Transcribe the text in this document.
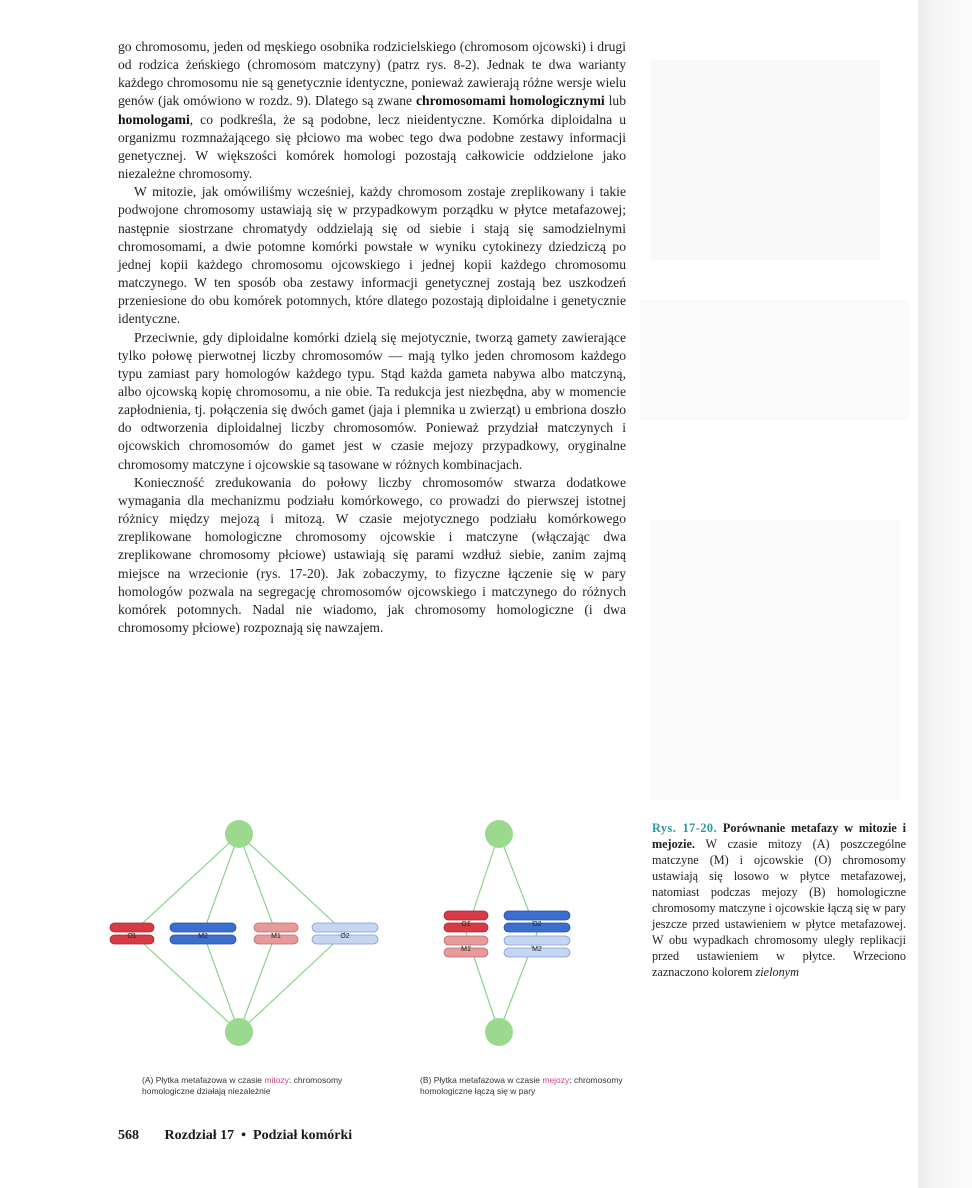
go chromosomu, jeden od męskiego osobnika rodzicielskiego (chromosom ojcowski) i drugi od rodzica żeńskiego (chromosom matczyny) (patrz rys. 8-2). Jednak te dwa warianty każdego chromosomu nie są genetycznie identyczne, ponieważ zawierają różne wersje wielu genów (jak omówiono w rozdz. 9). Dlatego są zwane chromosomami homologicznymi lub homologami, co podkreśla, że są podobne, lecz nieidentyczne. Komórka diploidalna u organizmu rozmnażającego się płciowo ma wobec tego dwa podobne zestawy informacji genetycznej. W większości komórek homologi pozostają całkowicie oddzielone jako niezależne chromosomy.

W mitozie, jak omówiliśmy wcześniej, każdy chromosom zostaje zreplikowany i takie podwojone chromosomy ustawiają się w przypadkowym porządku w płytce metafazowej; następnie siostrzane chromatydy oddzielają się od siebie i stają się samodzielnymi chromosomami, a dwie potomne komórki powstałe w wyniku cytokinezy dziedziczą po jednej kopii każdego chromosomu ojcowskiego i jednej kopii każdego chromosomu matczynego. W ten sposób oba zestawy informacji genetycznej zostają bez uszkodzeń przeniesione do obu komórek potomnych, które dlatego pozostają diploidalne i genetycznie identyczne.

Przeciwnie, gdy diploidalne komórki dzielą się mejotycznie, tworzą gamety zawierające tylko połowę pierwotnej liczby chromosomów — mają tylko jeden chromosom każdego typu zamiast pary homologów każdego typu. Stąd każda gameta nabywa albo matczyną, albo ojcowską kopię chromosomu, a nie obie. Ta redukcja jest niezbędna, aby w momencie zapłodnienia, tj. połączenia się dwóch gamet (jaja i plemnika u zwierząt) u embriona doszło do odtworzenia diploidalnej liczby chromosomów. Ponieważ przydział matczynych i ojcowskich chromosomów do gamet jest w czasie mejozy przypadkowy, oryginalne chromosomy matczyne i ojcowskie są tasowane w różnych kombinacjach.

Konieczność zredukowania do połowy liczby chromosomów stwarza dodatkowe wymagania dla mechanizmu podziału komórkowego, co prowadzi do pierwszej istotnej różnicy między mejozą i mitozą. W czasie mejotycznego podziału komórkowego zreplikowane homologiczne chromosomy ojcowskie i matczyne (włączając dwa zreplikowane chromosomy płciowe) ustawiają się parami wzdłuż siebie, zanim zajmą miejsce na wrzecionie (rys. 17-20). Jak zobaczymy, to fizyczne łączenie się w pary homologów pozwala na segregację chromosomów ojcowskiego i matczynego do różnych komórek potomnych. Nadal nie wiadomo, jak chromosomy homologiczne (i dwa chromosomy płciowe) rozpoznają się nawzajem.

O1	M2	M1	O2
O1
M1
O2
M2
(A) Płytka metafazowa w czasie mitozy: chromosomy homologiczne działają niezależnie
(B) Płytka metafazowa w czasie mejozy: chromosomy homologiczne łączą się w pary
Rys. 17-20. Porównanie metafazy w mitozie i mejozie. W czasie mitozy (A) poszczególne matczyne (M) i ojcowskie (O) chromosomy ustawiają się losowo w płytce metafazowej, natomiast podczas mejozy (B) homologiczne chromosomy matczyne i ojcowskie łączą się w pary jeszcze przed ustawieniem w płytce metafazowej. W obu wypadkach chromosomy uległy replikacji przed ustawieniem w płytce. Wrzeciono zaznaczono kolorem zielonym
568 Rozdział 17 • Podział komórki
